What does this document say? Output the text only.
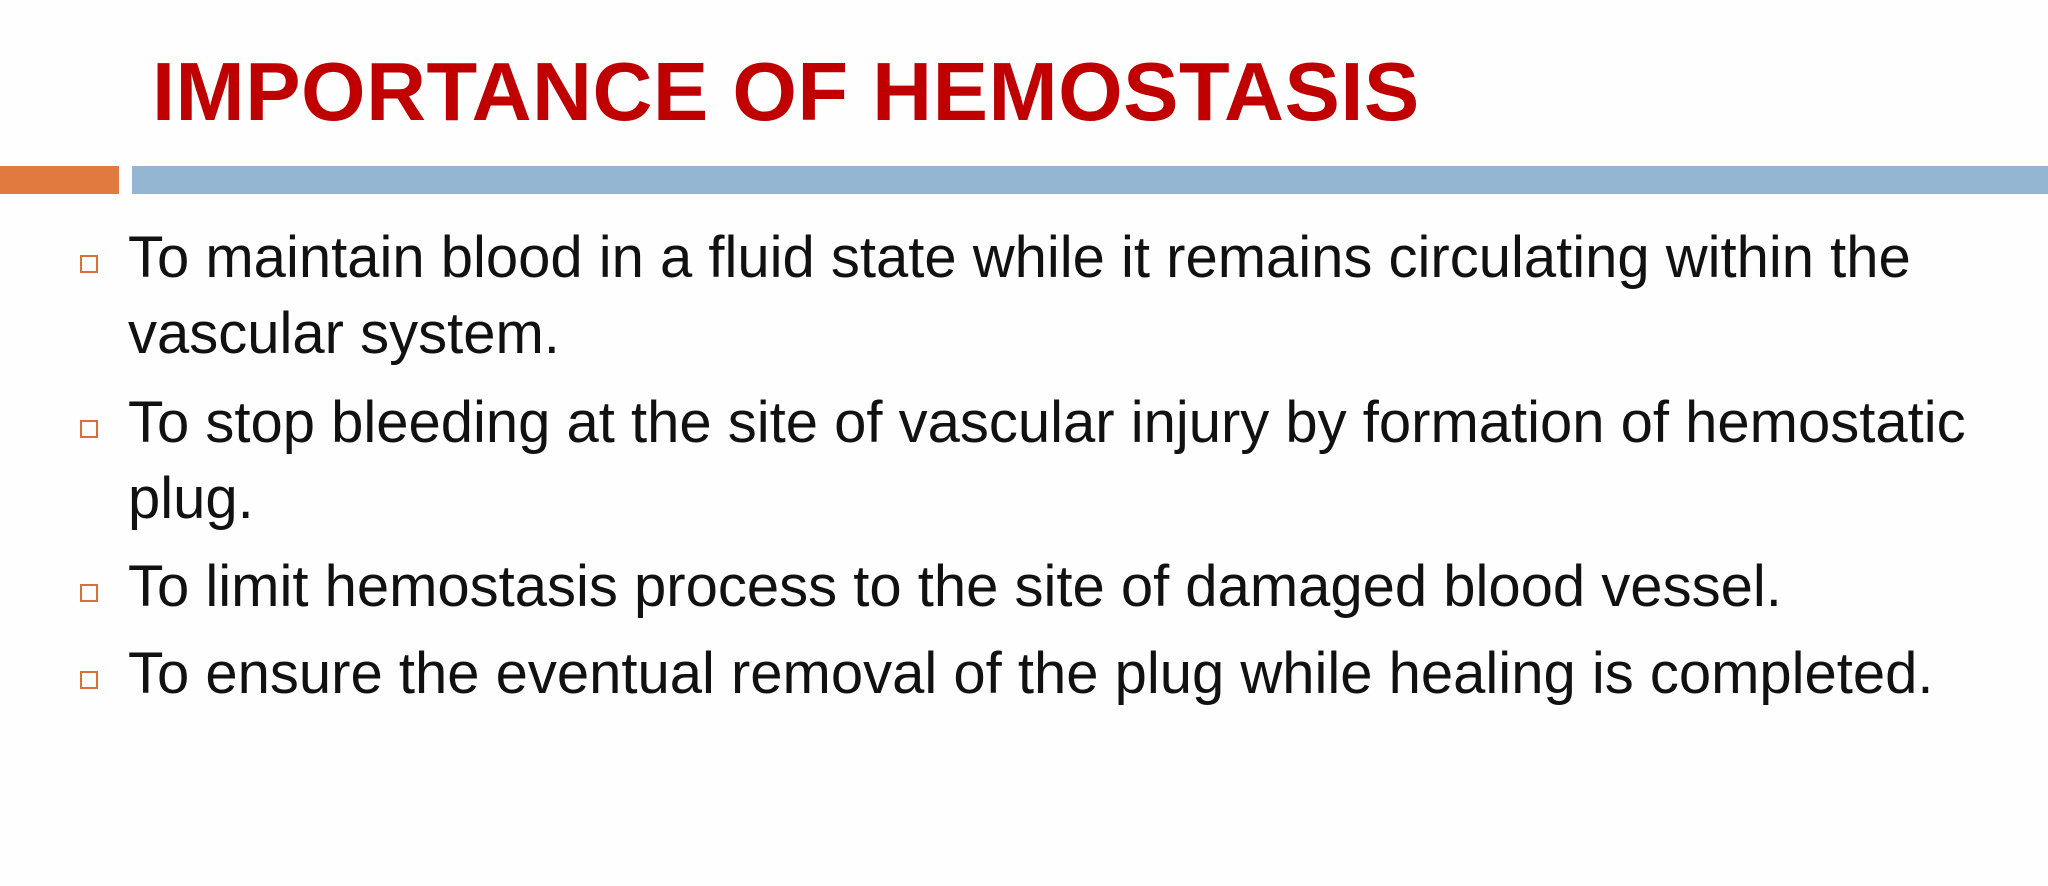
IMPORTANCE OF HEMOSTASIS
To maintain blood in a fluid state while it remains circulating within the vascular system.
To stop bleeding at the site of vascular injury by formation of hemostatic plug.
To limit hemostasis process to the site of damaged blood vessel.
To ensure the eventual removal of the plug while healing is completed.
